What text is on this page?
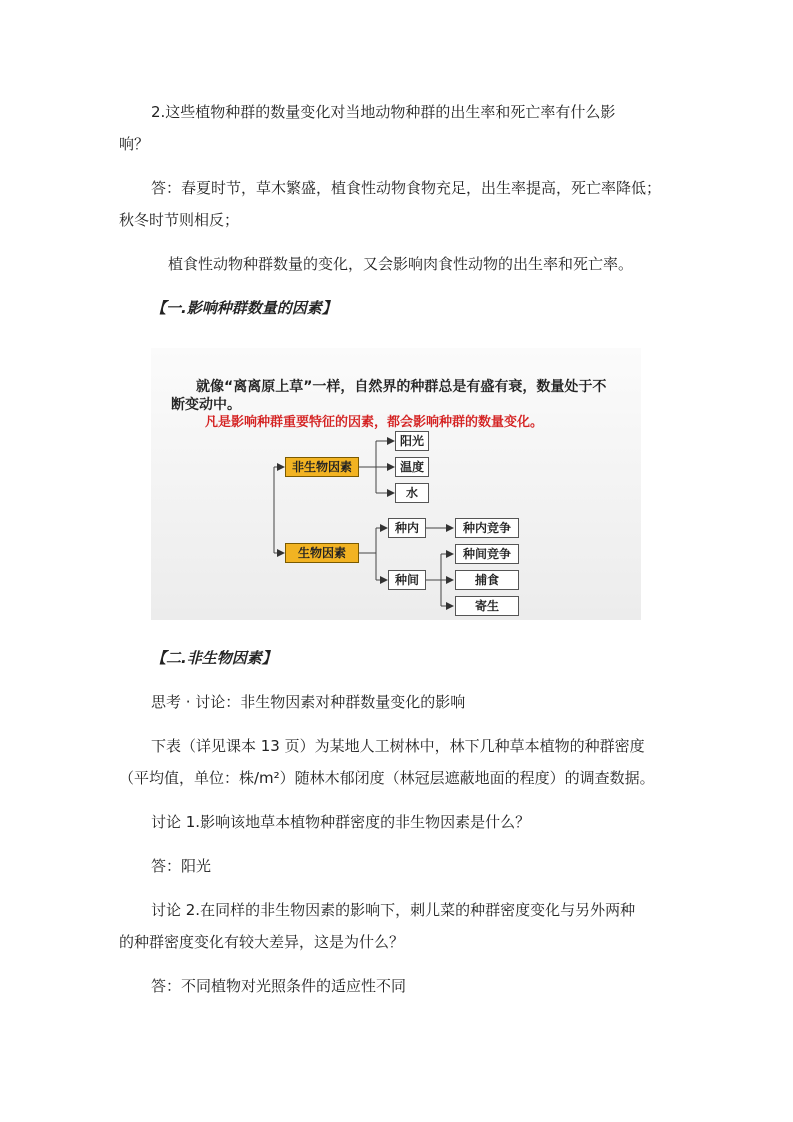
2.这些植物种群的数量变化对当地动物种群的出生率和死亡率有什么影
响？
答：春夏时节，草木繁盛，植食性动物食物充足，出生率提高，死亡率降低；
秋冬时节则相反；
植食性动物种群数量的变化，又会影响肉食性动物的出生率和死亡率。
【一.影响种群数量的因素】
就像“离离原上草”一样，自然界的种群总是有盛有衰，数量处于不
断变动中。
凡是影响种群重要特征的因素，都会影响种群的数量变化。
非生物因素
生物因素
阳光
温度
水
种内
种间
种内竞争
种间竞争
捕食
寄生
【二.非生物因素】
思考 · 讨论：非生物因素对种群数量变化的影响
下表（详见课本 13 页）为某地人工树林中，林下几种草本植物的种群密度
（平均值，单位：株/m²）随林木郁闭度（林冠层遮蔽地面的程度）的调查数据。
讨论 1.影响该地草本植物种群密度的非生物因素是什么？
答：阳光
讨论 2.在同样的非生物因素的影响下，刺儿菜的种群密度变化与另外两种
的种群密度变化有较大差异，这是为什么？
答：不同植物对光照条件的适应性不同
